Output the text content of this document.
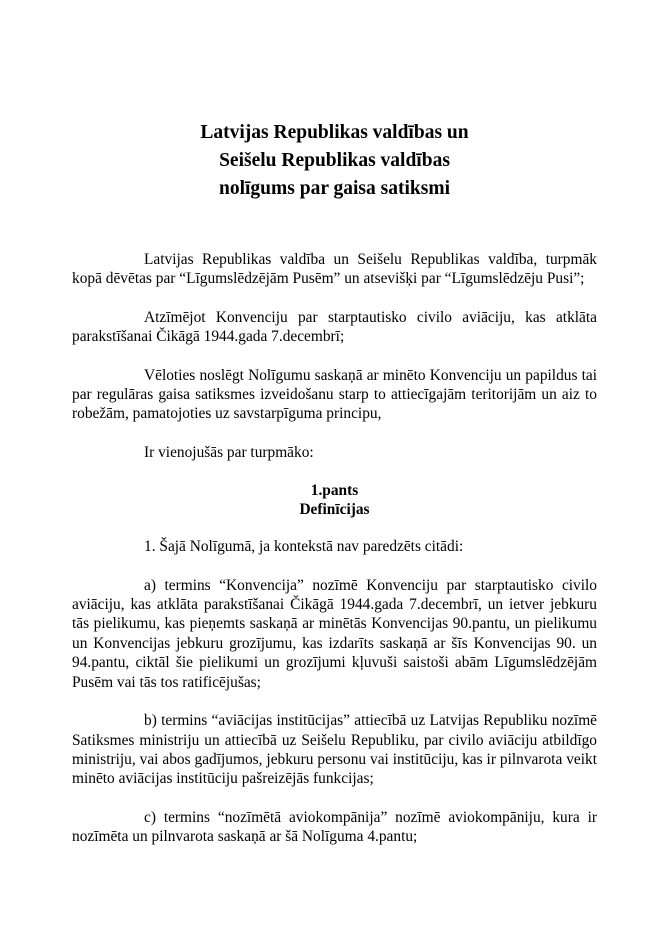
Latvijas Republikas valdības un
Seišelu Republikas valdības
nolīgums par gaisa satiksmi

Latvijas Republikas valdība un Seišelu Republikas valdība, turpmāk kopā dēvētas par “Līgumslēdzējām Pusēm” un atsevišķi par “Līgumslēdzēju Pusi”;

Atzīmējot Konvenciju par starptautisko civilo aviāciju, kas atklāta parakstīšanai Čikāgā 1944.gada 7.decembrī;

Vēloties noslēgt Nolīgumu saskaņā ar minēto Konvenciju un papildus tai par regulāras gaisa satiksmes izveidošanu starp to attiecīgajām teritorijām un aiz to robežām, pamatojoties uz savstarpīguma principu,

Ir vienojušās par turpmāko:

1.pants
Definīcijas

1. Šajā Nolīgumā, ja kontekstā nav paredzēts citādi:

a) termins “Konvencija” nozīmē Konvenciju par starptautisko civilo aviāciju, kas atklāta parakstīšanai Čikāgā 1944.gada 7.decembrī, un ietver jebkuru tās pielikumu, kas pieņemts saskaņā ar minētās Konvencijas 90.pantu, un pielikumu un Konvencijas jebkuru grozījumu, kas izdarīts saskaņā ar šīs Konvencijas 90. un 94.pantu, ciktāl šie pielikumi un grozījumi kļuvuši saistoši abām Līgumslēdzējām Pusēm vai tās tos ratificējušas;

b) termins “aviācijas institūcijas” attiecībā uz Latvijas Republiku nozīmē Satiksmes ministriju un attiecībā uz Seišelu Republiku, par civilo aviāciju atbildīgo ministriju, vai abos gadījumos, jebkuru personu vai institūciju, kas ir pilnvarota veikt minēto aviācijas institūciju pašreizējās funkcijas;

c) termins “nozīmētā aviokompānija” nozīmē aviokompāniju, kura ir nozīmēta un pilnvarota saskaņā ar šā Nolīguma 4.pantu;
